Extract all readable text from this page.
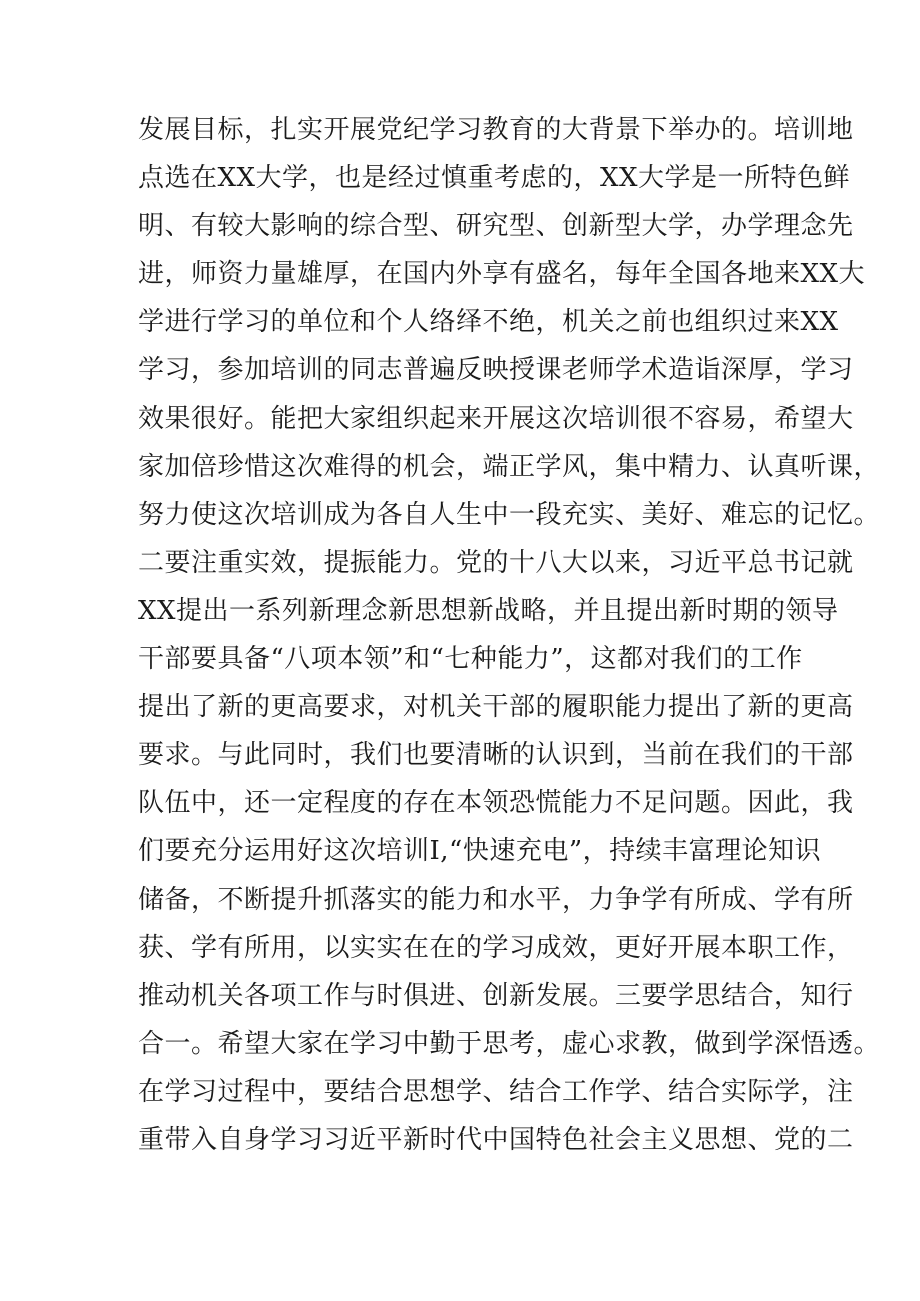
发展目标，扎实开展党纪学习教育的大背景下举办的。培训地
点选在XX大学，也是经过慎重考虑的，XX大学是一所特色鲜
明、有较大影响的综合型、研究型、创新型大学，办学理念先
进，师资力量雄厚，在国内外享有盛名，每年全国各地来XX大
学进行学习的单位和个人络绎不绝，机关之前也组织过来XX
学习，参加培训的同志普遍反映授课老师学术造诣深厚，学习
效果很好。能把大家组织起来开展这次培训很不容易，希望大
家加倍珍惜这次难得的机会，端正学风，集中精力、认真听课，
努力使这次培训成为各自人生中一段充实、美好、难忘的记忆。
二要注重实效，提振能力。党的十八大以来，习近平总书记就
XX提出一系列新理念新思想新战略，并且提出新时期的领导
干部要具备“八项本领”和“七种能力”，这都对我们的工作
提出了新的更高要求，对机关干部的履职能力提出了新的更高
要求。与此同时，我们也要清晰的认识到，当前在我们的干部
队伍中，还一定程度的存在本领恐慌能力不足问题。因此，我
们要充分运用好这次培训I,“快速充电”，持续丰富理论知识
储备，不断提升抓落实的能力和水平，力争学有所成、学有所
获、学有所用，以实实在在的学习成效，更好开展本职工作，
推动机关各项工作与时俱进、创新发展。三要学思结合，知行
合一。希望大家在学习中勤于思考，虚心求教，做到学深悟透。
在学习过程中，要结合思想学、结合工作学、结合实际学，注
重带入自身学习习近平新时代中国特色社会主义思想、党的二
